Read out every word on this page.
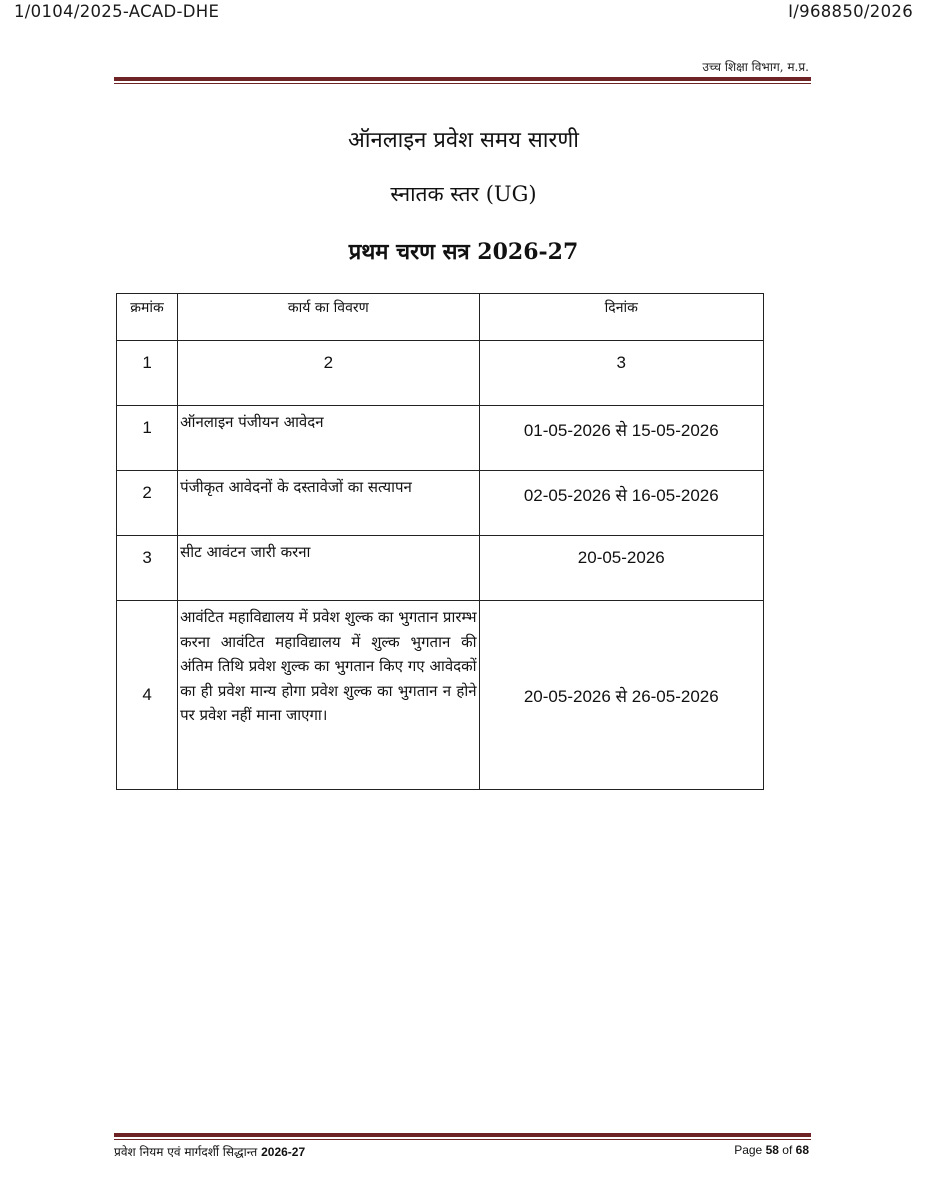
1/0104/2025-ACAD-DHE	I/968850/2026
उच्च शिक्षा विभाग, म.प्र.
ऑनलाइन प्रवेश समय सारणी
स्नातक स्तर (UG)
प्रथम चरण सत्र 2026-27
क्रमांक	कार्य का विवरण	दिनांक
1	2	3
1	ऑनलाइन पंजीयन आवेदन	01-05-2026 से 15-05-2026
2	पंजीकृत आवेदनों के दस्तावेजों का सत्यापन	02-05-2026 से 16-05-2026
3	सीट आवंटन जारी करना	20-05-2026
4	आवंटित महाविद्यालय में प्रवेश शुल्क का भुगतान प्रारम्भ करना आवंटित महाविद्यालय में शुल्क भुगतान की अंतिम तिथि प्रवेश शुल्क का भुगतान किए गए आवेदकों का ही प्रवेश मान्य होगा प्रवेश शुल्क का भुगतान न होने पर प्रवेश नहीं माना जाएगा।	20-05-2026 से 26-05-2026
प्रवेश नियम एवं मार्गदर्शी सिद्धान्त 2026-27	Page 58 of 68
